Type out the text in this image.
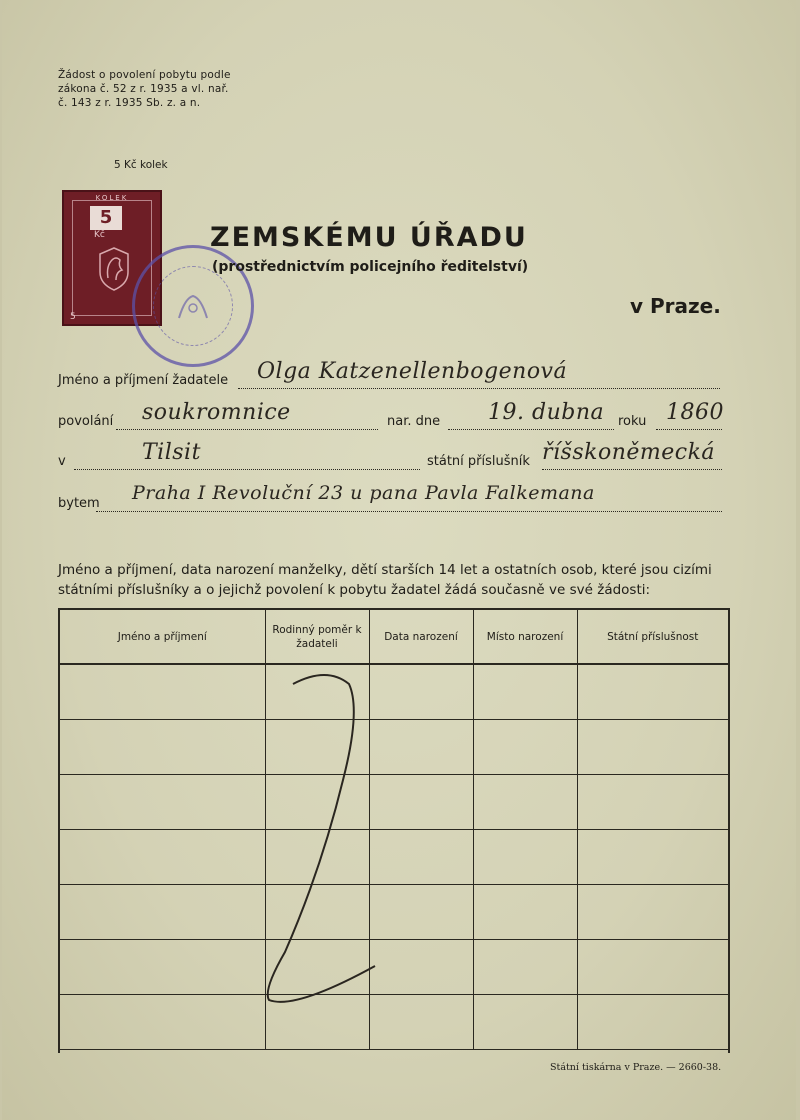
Žádost o povolení pobytu podle
zákona č. 52 z r. 1935 a vl. nař.
č. 143 z r. 1935 Sb. z. a n.
5 Kč kolek
KOLEK
5
Kč
5
ZEMSKÉMU ÚŘADU
(prostřednictvím policejního ředitelství)
v Praze.
Jméno a příjmení žadatele Olga Katzenellenbogenová
povolání soukromnice	nar. dne 19. dubna roku 1860
v	Tilsit	státní příslušník říšskoněmecká
bytem Praha I Revoluční 23 u pana Pavla Falkemana
Jméno a příjmení, data narození manželky, dětí starších 14 let a ostatních osob, které jsou cizími státními příslušníky a o jejichž povolení k pobytu žadatel žádá současně ve své žádosti:
Jméno a příjmení	Rodinný poměr k žadateli	Data narození	Místo narození	Státní příslušnost

Státní tiskárna v Praze. — 2660-38.
